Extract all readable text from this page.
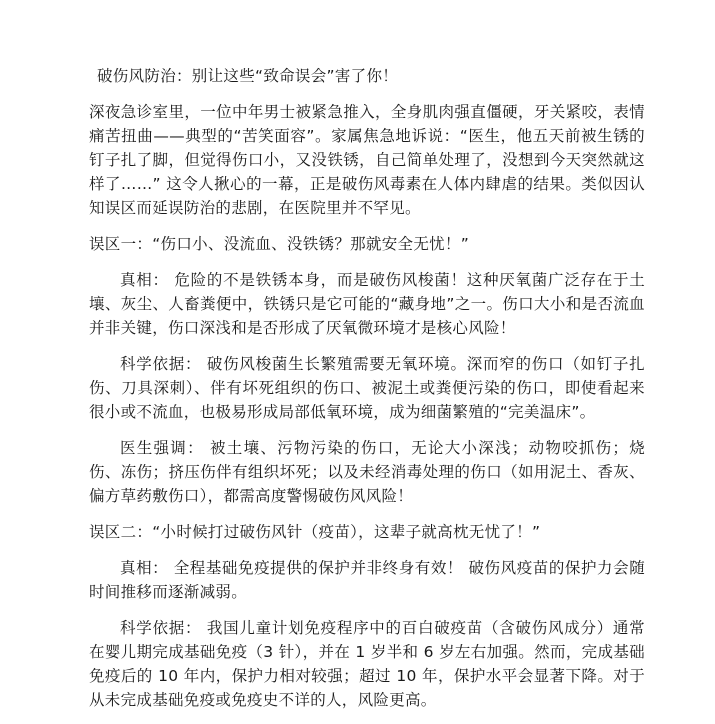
破伤风防治：别让这些“致命误会”害了你！

深夜急诊室里，一位中年男士被紧急推入，全身肌肉强直僵硬，牙关紧咬，表情痛苦扭曲——典型的“苦笑面容”。家属焦急地诉说：“医生，他五天前被生锈的钉子扎了脚，但觉得伤口小，又没铁锈，自己简单处理了，没想到今天突然就这样了……” 这令人揪心的一幕，正是破伤风毒素在人体内肆虐的结果。类似因认知误区而延误防治的悲剧，在医院里并不罕见。

误区一：“伤口小、没流血、没铁锈？那就安全无忧！”

真相： 危险的不是铁锈本身，而是破伤风梭菌！这种厌氧菌广泛存在于土壤、灰尘、人畜粪便中，铁锈只是它可能的“藏身地”之一。伤口大小和是否流血并非关键，伤口深浅和是否形成了厌氧微环境才是核心风险！

科学依据： 破伤风梭菌生长繁殖需要无氧环境。深而窄的伤口（如钉子扎伤、刀具深刺）、伴有坏死组织的伤口、被泥土或粪便污染的伤口，即使看起来很小或不流血，也极易形成局部低氧环境，成为细菌繁殖的“完美温床”。

医生强调： 被土壤、污物污染的伤口，无论大小深浅；动物咬抓伤；烧伤、冻伤；挤压伤伴有组织坏死；以及未经消毒处理的伤口（如用泥土、香灰、偏方草药敷伤口），都需高度警惕破伤风风险！

误区二：“小时候打过破伤风针（疫苗），这辈子就高枕无忧了！”

真相： 全程基础免疫提供的保护并非终身有效！ 破伤风疫苗的保护力会随时间推移而逐渐减弱。

科学依据： 我国儿童计划免疫程序中的百白破疫苗（含破伤风成分）通常在婴儿期完成基础免疫（3 针），并在 1 岁半和 6 岁左右加强。然而，完成基础免疫后的 10 年内，保护力相对较强；超过 10 年，保护水平会显著下降。对于从未完成基础免疫或免疫史不详的人，风险更高。
